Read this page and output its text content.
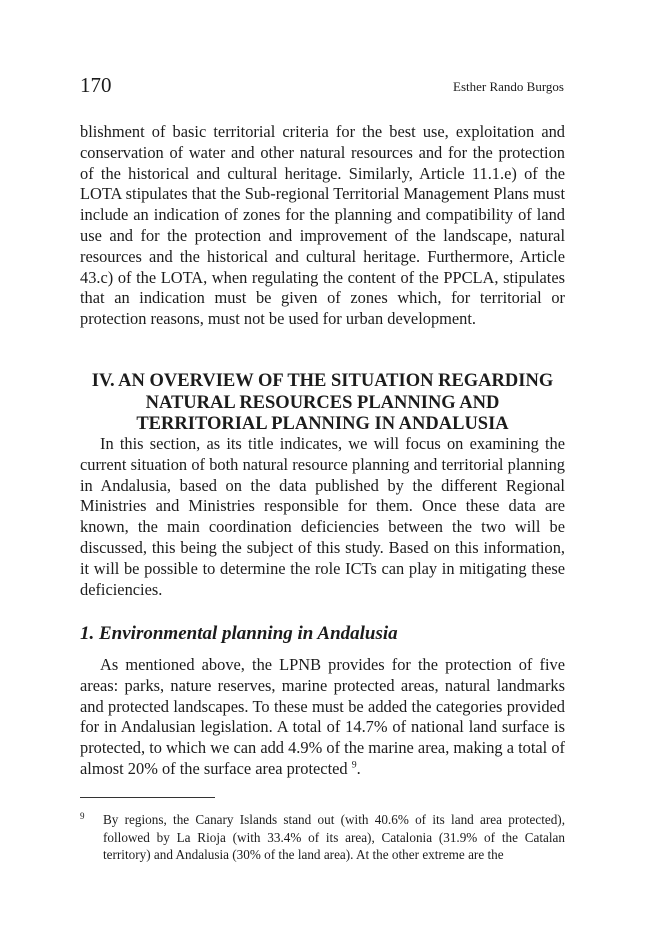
170	Esther Rando Burgos

blishment of basic territorial criteria for the best use, exploitation and conservation of water and other natural resources and for the protection of the historical and cultural heritage. Similarly, Article 11.1.e) of the LOTA stipulates that the Sub-regional Territorial Management Plans must include an indication of zones for the planning and compatibility of land use and for the protection and improvement of the landscape, natural resources and the historical and cultural heritage. Furthermore, Article 43.c) of the LOTA, when regulating the content of the PPCLA, stipulates that an indication must be given of zones which, for territorial or protection reasons, must not be used for urban development.

IV. AN OVERVIEW OF THE SITUATION REGARDING NATURAL RESOURCES PLANNING AND TERRITORIAL PLANNING IN ANDALUSIA

In this section, as its title indicates, we will focus on examining the current situation of both natural resource planning and territorial planning in Andalusia, based on the data published by the different Regional Ministries and Ministries responsible for them. Once these data are known, the main coordination deficiencies between the two will be discussed, this being the subject of this study. Based on this information, it will be possible to determine the role ICTs can play in mitigating these deficiencies.

1. Environmental planning in Andalusia

As mentioned above, the LPNB provides for the protection of five areas: parks, nature reserves, marine protected areas, natural landmarks and protected landscapes. To these must be added the categories provided for in Andalusian legislation. A total of 14.7% of national land surface is protected, to which we can add 4.9% of the marine area, making a total of almost 20% of the surface area protected $^9$.

9 By regions, the Canary Islands stand out (with 40.6% of its land area protected), followed by La Rioja (with 33.4% of its area), Catalonia (31.9% of the Catalan territory) and Andalusia (30% of the land area). At the other extreme are the
